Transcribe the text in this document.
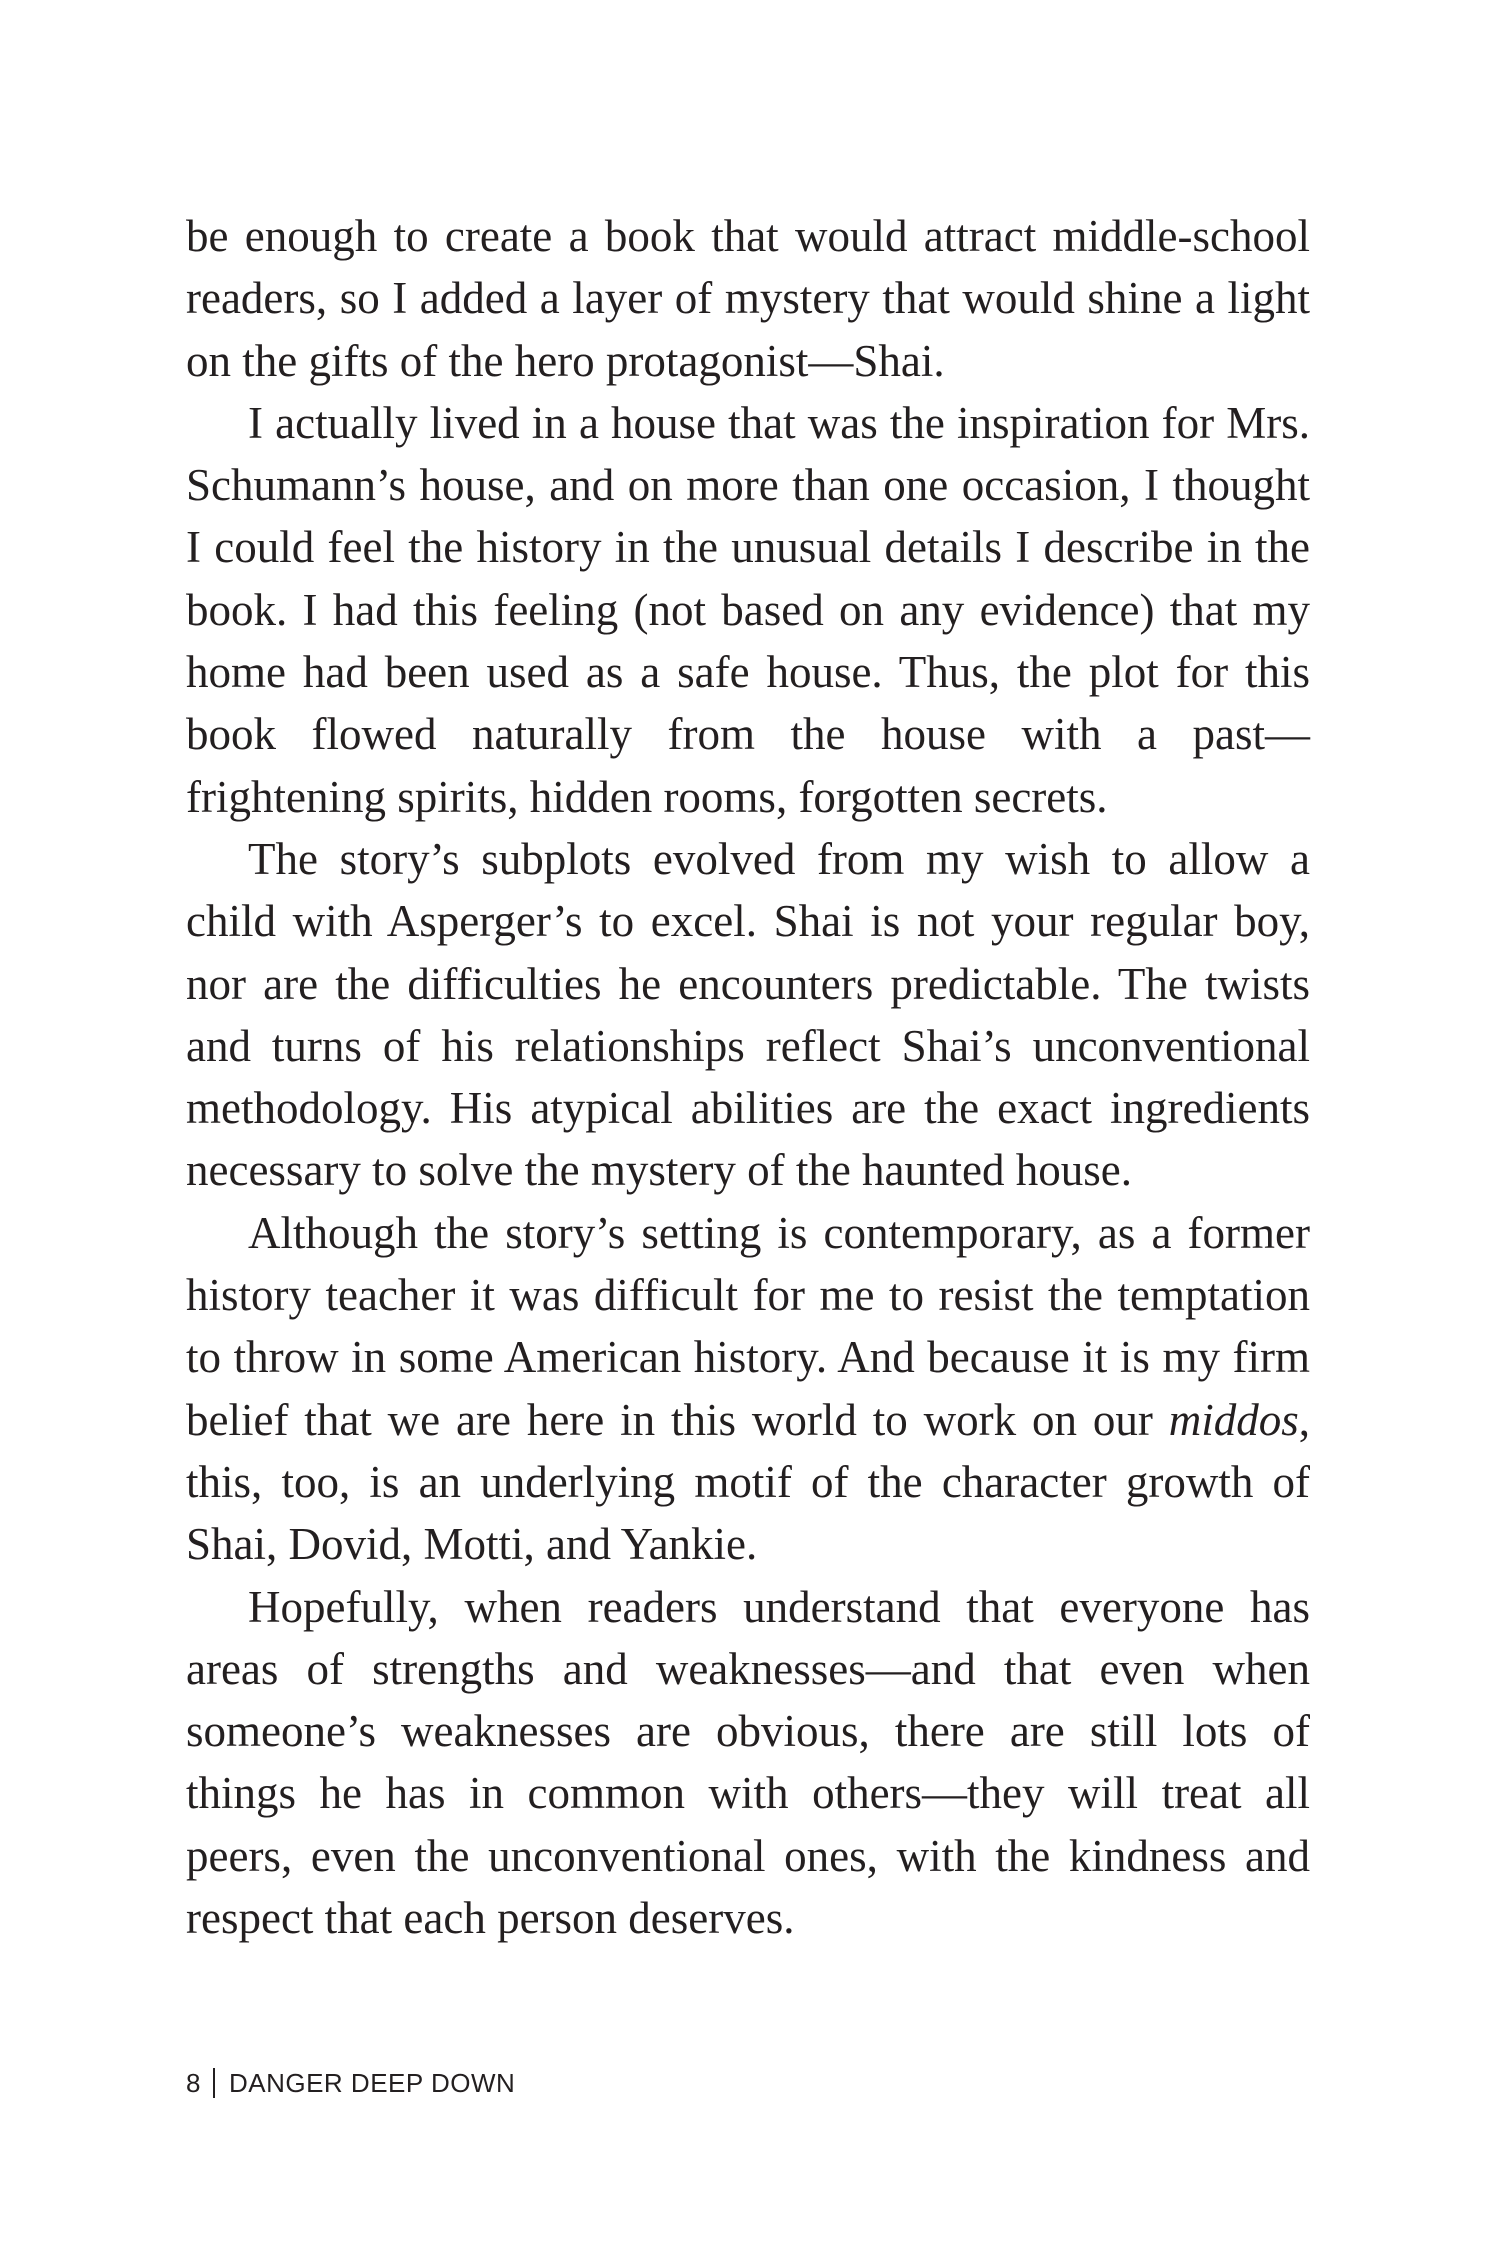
be enough to create a book that would attract middle-school readers, so I added a layer of mystery that would shine a light on the gifts of the hero protagonist—Shai.

I actually lived in a house that was the inspiration for Mrs. Schumann’s house, and on more than one occasion, I thought I could feel the history in the unusual details I describe in the book. I had this feeling (not based on any evidence) that my home had been used as a safe house. Thus, the plot for this book flowed naturally from the house with a past—frightening spirits, hidden rooms, forgotten secrets.

The story’s subplots evolved from my wish to allow a child with Asperger’s to excel. Shai is not your regular boy, nor are the difficulties he encounters predictable. The twists and turns of his relationships reflect Shai’s unconventional methodology. His atypical abilities are the exact ingredients necessary to solve the mystery of the haunted house.

Although the story’s setting is contemporary, as a former history teacher it was difficult for me to resist the temptation to throw in some American history. And because it is my firm belief that we are here in this world to work on our middos, this, too, is an underlying motif of the character growth of Shai, Dovid, Motti, and Yankie.

Hopefully, when readers understand that everyone has areas of strengths and weaknesses—and that even when someone’s weaknesses are obvious, there are still lots of things he has in common with others—they will treat all peers, even the unconventional ones, with the kindness and respect that each person deserves.

8 DANGER DEEP DOWN
